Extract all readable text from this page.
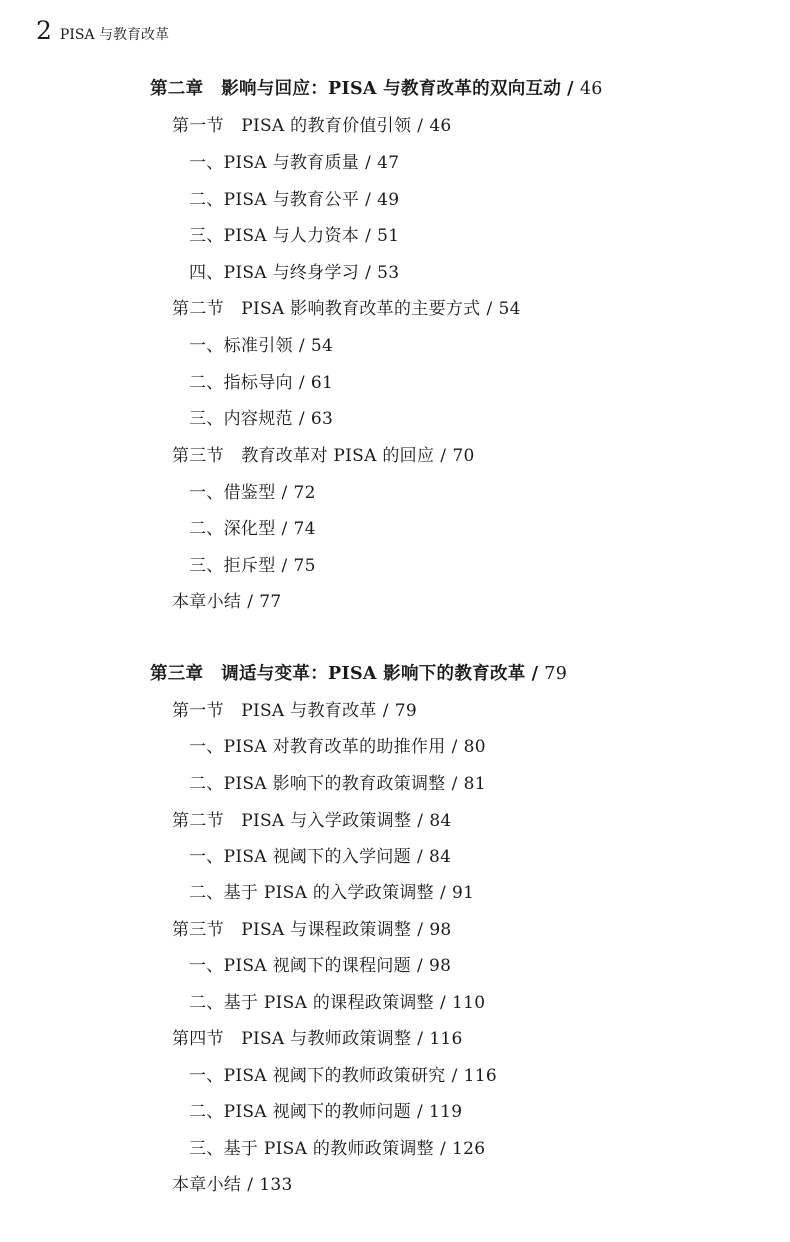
2 PISA 与教育改革
第二章　影响与回应：PISA 与教育改革的双向互动 / 46
第一节　PISA 的教育价值引领 / 46
一、PISA 与教育质量 / 47
二、PISA 与教育公平 / 49
三、PISA 与人力资本 / 51
四、PISA 与终身学习 / 53
第二节　PISA 影响教育改革的主要方式 / 54
一、标准引领 / 54
二、指标导向 / 61
三、内容规范 / 63
第三节　教育改革对 PISA 的回应 / 70
一、借鉴型 / 72
二、深化型 / 74
三、拒斥型 / 75
本章小结 / 77
第三章　调适与变革：PISA 影响下的教育改革 / 79
第一节　PISA 与教育改革 / 79
一、PISA 对教育改革的助推作用 / 80
二、PISA 影响下的教育政策调整 / 81
第二节　PISA 与入学政策调整 / 84
一、PISA 视阈下的入学问题 / 84
二、基于 PISA 的入学政策调整 / 91
第三节　PISA 与课程政策调整 / 98
一、PISA 视阈下的课程问题 / 98
二、基于 PISA 的课程政策调整 / 110
第四节　PISA 与教师政策调整 / 116
一、PISA 视阈下的教师政策研究 / 116
二、PISA 视阈下的教师问题 / 119
三、基于 PISA 的教师政策调整 / 126
本章小结 / 133
